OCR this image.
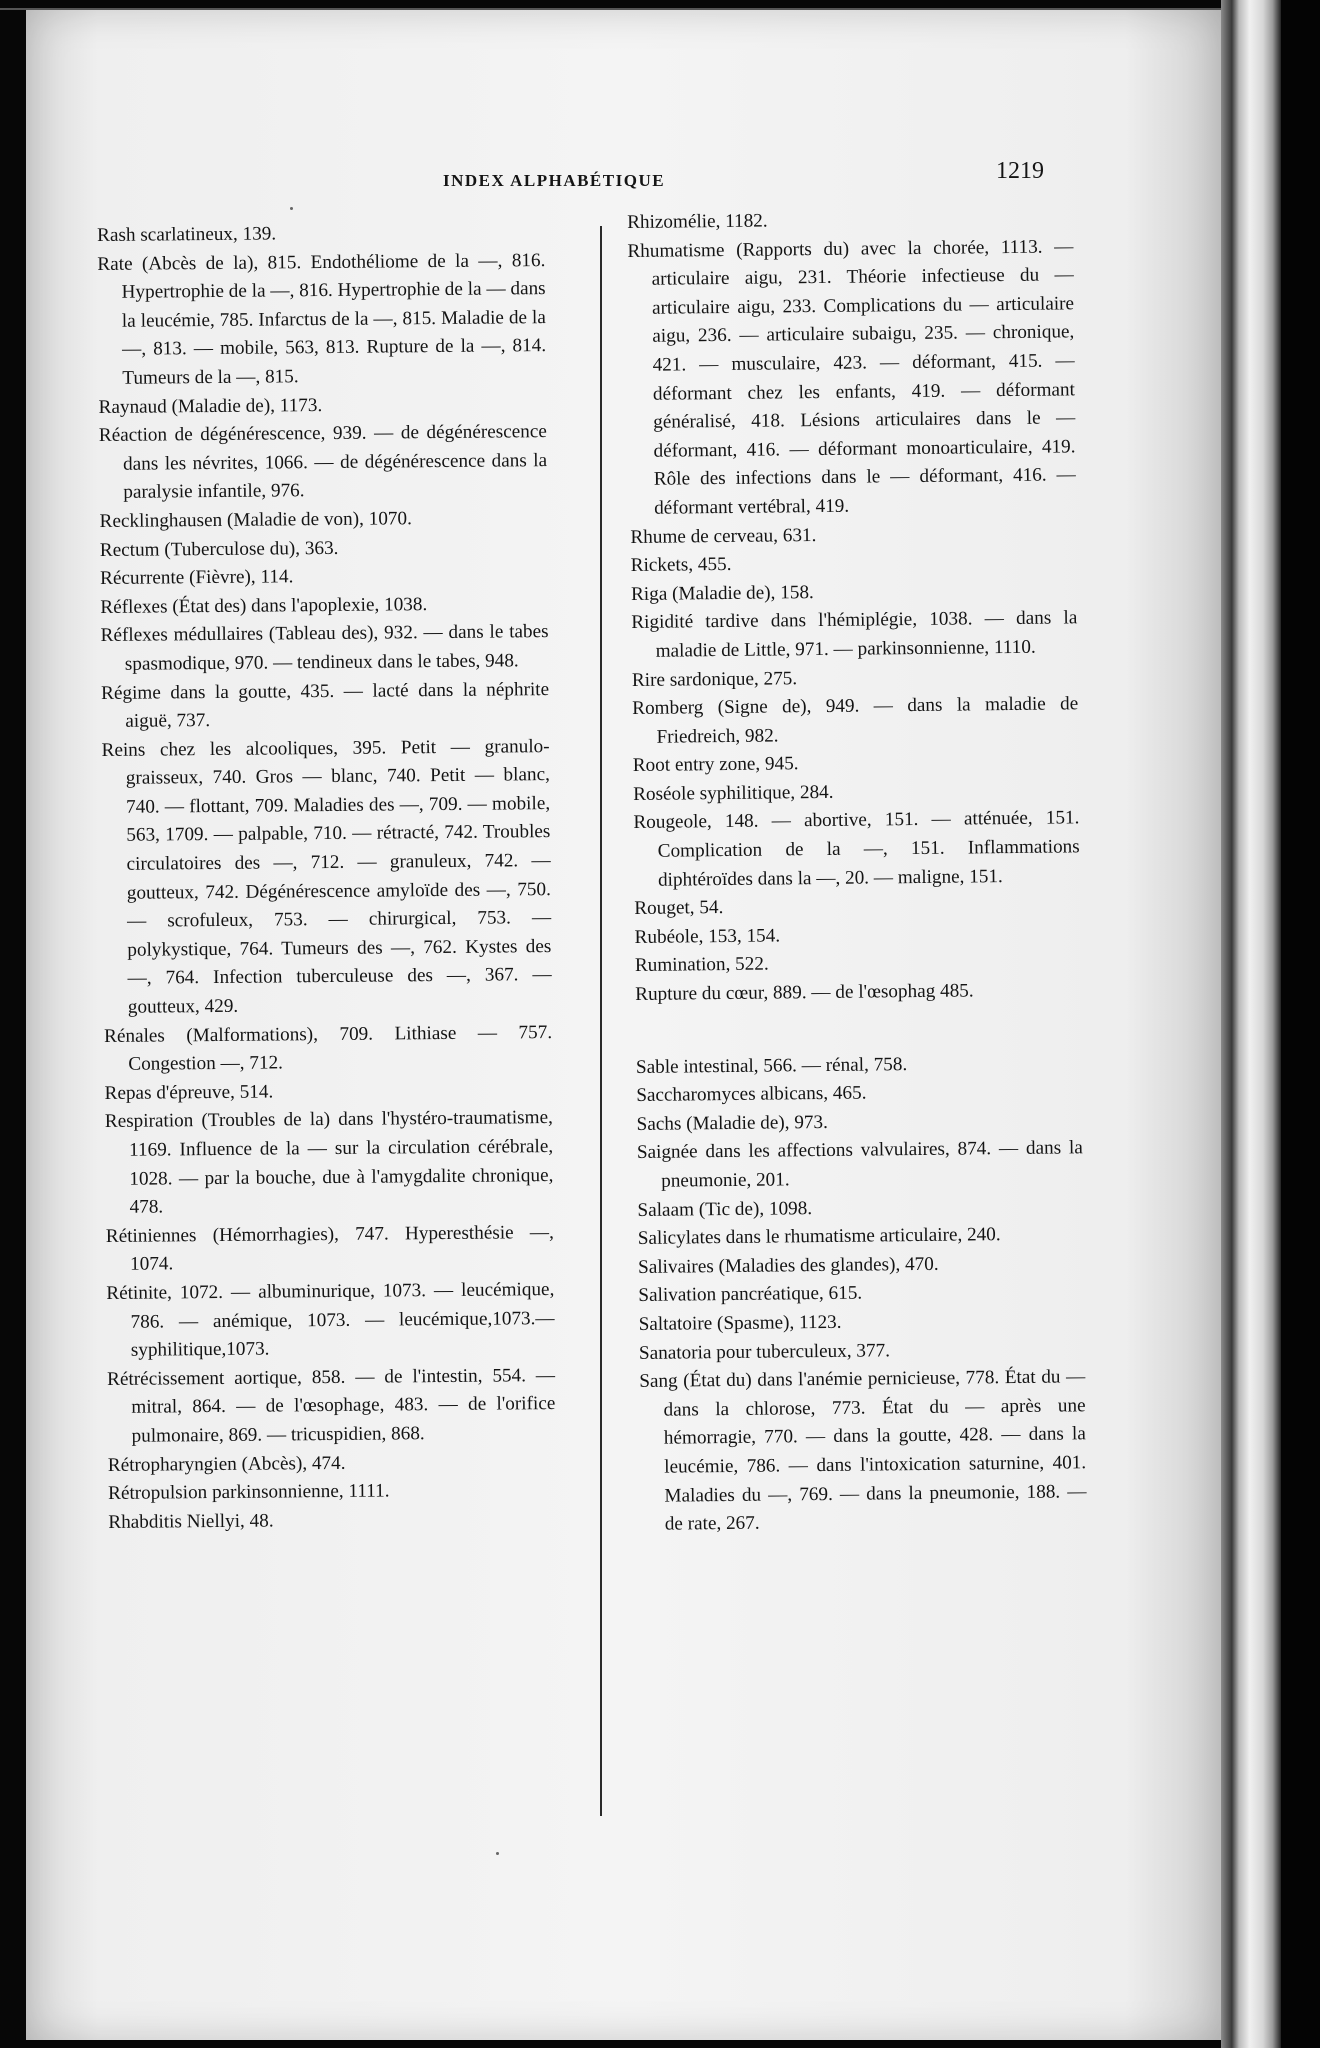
INDEX ALPHABÉTIQUE	1219

Rash scarlatineux, 139.

Rate (Abcès de la), 815. Endothéliome de la —, 816. Hypertrophie de la —, 816. Hypertrophie de la — dans la leucémie, 785. Infarctus de la —, 815. Maladie de la —, 813. — mobile, 563, 813. Rupture de la —, 814. Tumeurs de la —, 815.

Raynaud (Maladie de), 1173.

Réaction de dégénérescence, 939. — de dégénérescence dans les névrites, 1066. — de dégénérescence dans la paralysie infantile, 976.

Recklinghausen (Maladie de von), 1070.

Rectum (Tuberculose du), 363.

Récurrente (Fièvre), 114.

Réflexes (État des) dans l'apoplexie, 1038.

Réflexes médullaires (Tableau des), 932. — dans le tabes spasmodique, 970. — tendineux dans le tabes, 948.

Régime dans la goutte, 435. — lacté dans la néphrite aiguë, 737.

Reins chez les alcooliques, 395. Petit — granulo-graisseux, 740. Gros — blanc, 740. Petit — blanc, 740. — flottant, 709. Maladies des —, 709. — mobile, 563, 1709. — palpable, 710. — rétracté, 742. Troubles circulatoires des —, 712. — granuleux, 742. — goutteux, 742. Dégénérescence amyloïde des —, 750. — scrofuleux, 753. — chirurgical, 753. — polykystique, 764. Tumeurs des —, 762. Kystes des —, 764. Infection tuberculeuse des —, 367. — goutteux, 429.

Rénales (Malformations), 709. Lithiase — 757. Congestion —, 712.

Repas d'épreuve, 514.

Respiration (Troubles de la) dans l'hystéro-traumatisme, 1169. Influence de la — sur la circulation cérébrale, 1028. — par la bouche, due à l'amygdalite chronique, 478.

Rétiniennes (Hémorrhagies), 747. Hyperesthésie —, 1074.

Rétinite, 1072. — albuminurique, 1073. — leucémique, 786. — anémique, 1073. — leucémique,1073.—syphilitique,1073.

Rétrécissement aortique, 858. — de l'intestin, 554. — mitral, 864. — de l'œsophage, 483. — de l'orifice pulmonaire, 869. — tricuspidien, 868.

Rétropharyngien (Abcès), 474.

Rétropulsion parkinsonnienne, 1111.

Rhabditis Niellyi, 48.

Rhizomélie, 1182.

Rhumatisme (Rapports du) avec la chorée, 1113. — articulaire aigu, 231. Théorie infectieuse du — articulaire aigu, 233. Complications du — articulaire aigu, 236. — articulaire subaigu, 235. — chronique, 421. — musculaire, 423. — déformant, 415. — déformant chez les enfants, 419. — déformant généralisé, 418. Lésions articulaires dans le — déformant, 416. — déformant monoarticulaire, 419. Rôle des infections dans le — déformant, 416. — déformant vertébral, 419.

Rhume de cerveau, 631.

Rickets, 455.

Riga (Maladie de), 158.

Rigidité tardive dans l'hémiplégie, 1038. — dans la maladie de Little, 971. — parkinsonnienne, 1110.

Rire sardonique, 275.

Romberg (Signe de), 949. — dans la maladie de Friedreich, 982.

Root entry zone, 945.

Roséole syphilitique, 284.

Rougeole, 148. — abortive, 151. — atténuée, 151. Complication de la —, 151. Inflammations diphtéroïdes dans la —, 20. — maligne, 151.

Rouget, 54.

Rubéole, 153, 154.

Rumination, 522.

Rupture du cœur, 889. — de l'œsophag 485.

Sable intestinal, 566. — rénal, 758.

Saccharomyces albicans, 465.

Sachs (Maladie de), 973.

Saignée dans les affections valvulaires, 874. — dans la pneumonie, 201.

Salaam (Tic de), 1098.

Salicylates dans le rhumatisme articulaire, 240.

Salivaires (Maladies des glandes), 470.

Salivation pancréatique, 615.

Saltatoire (Spasme), 1123.

Sanatoria pour tuberculeux, 377.

Sang (État du) dans l'anémie pernicieuse, 778. État du — dans la chlorose, 773. État du — après une hémorragie, 770. — dans la goutte, 428. — dans la leucémie, 786. — dans l'intoxication saturnine, 401. Maladies du —, 769. — dans la pneumonie, 188. — de rate, 267.
